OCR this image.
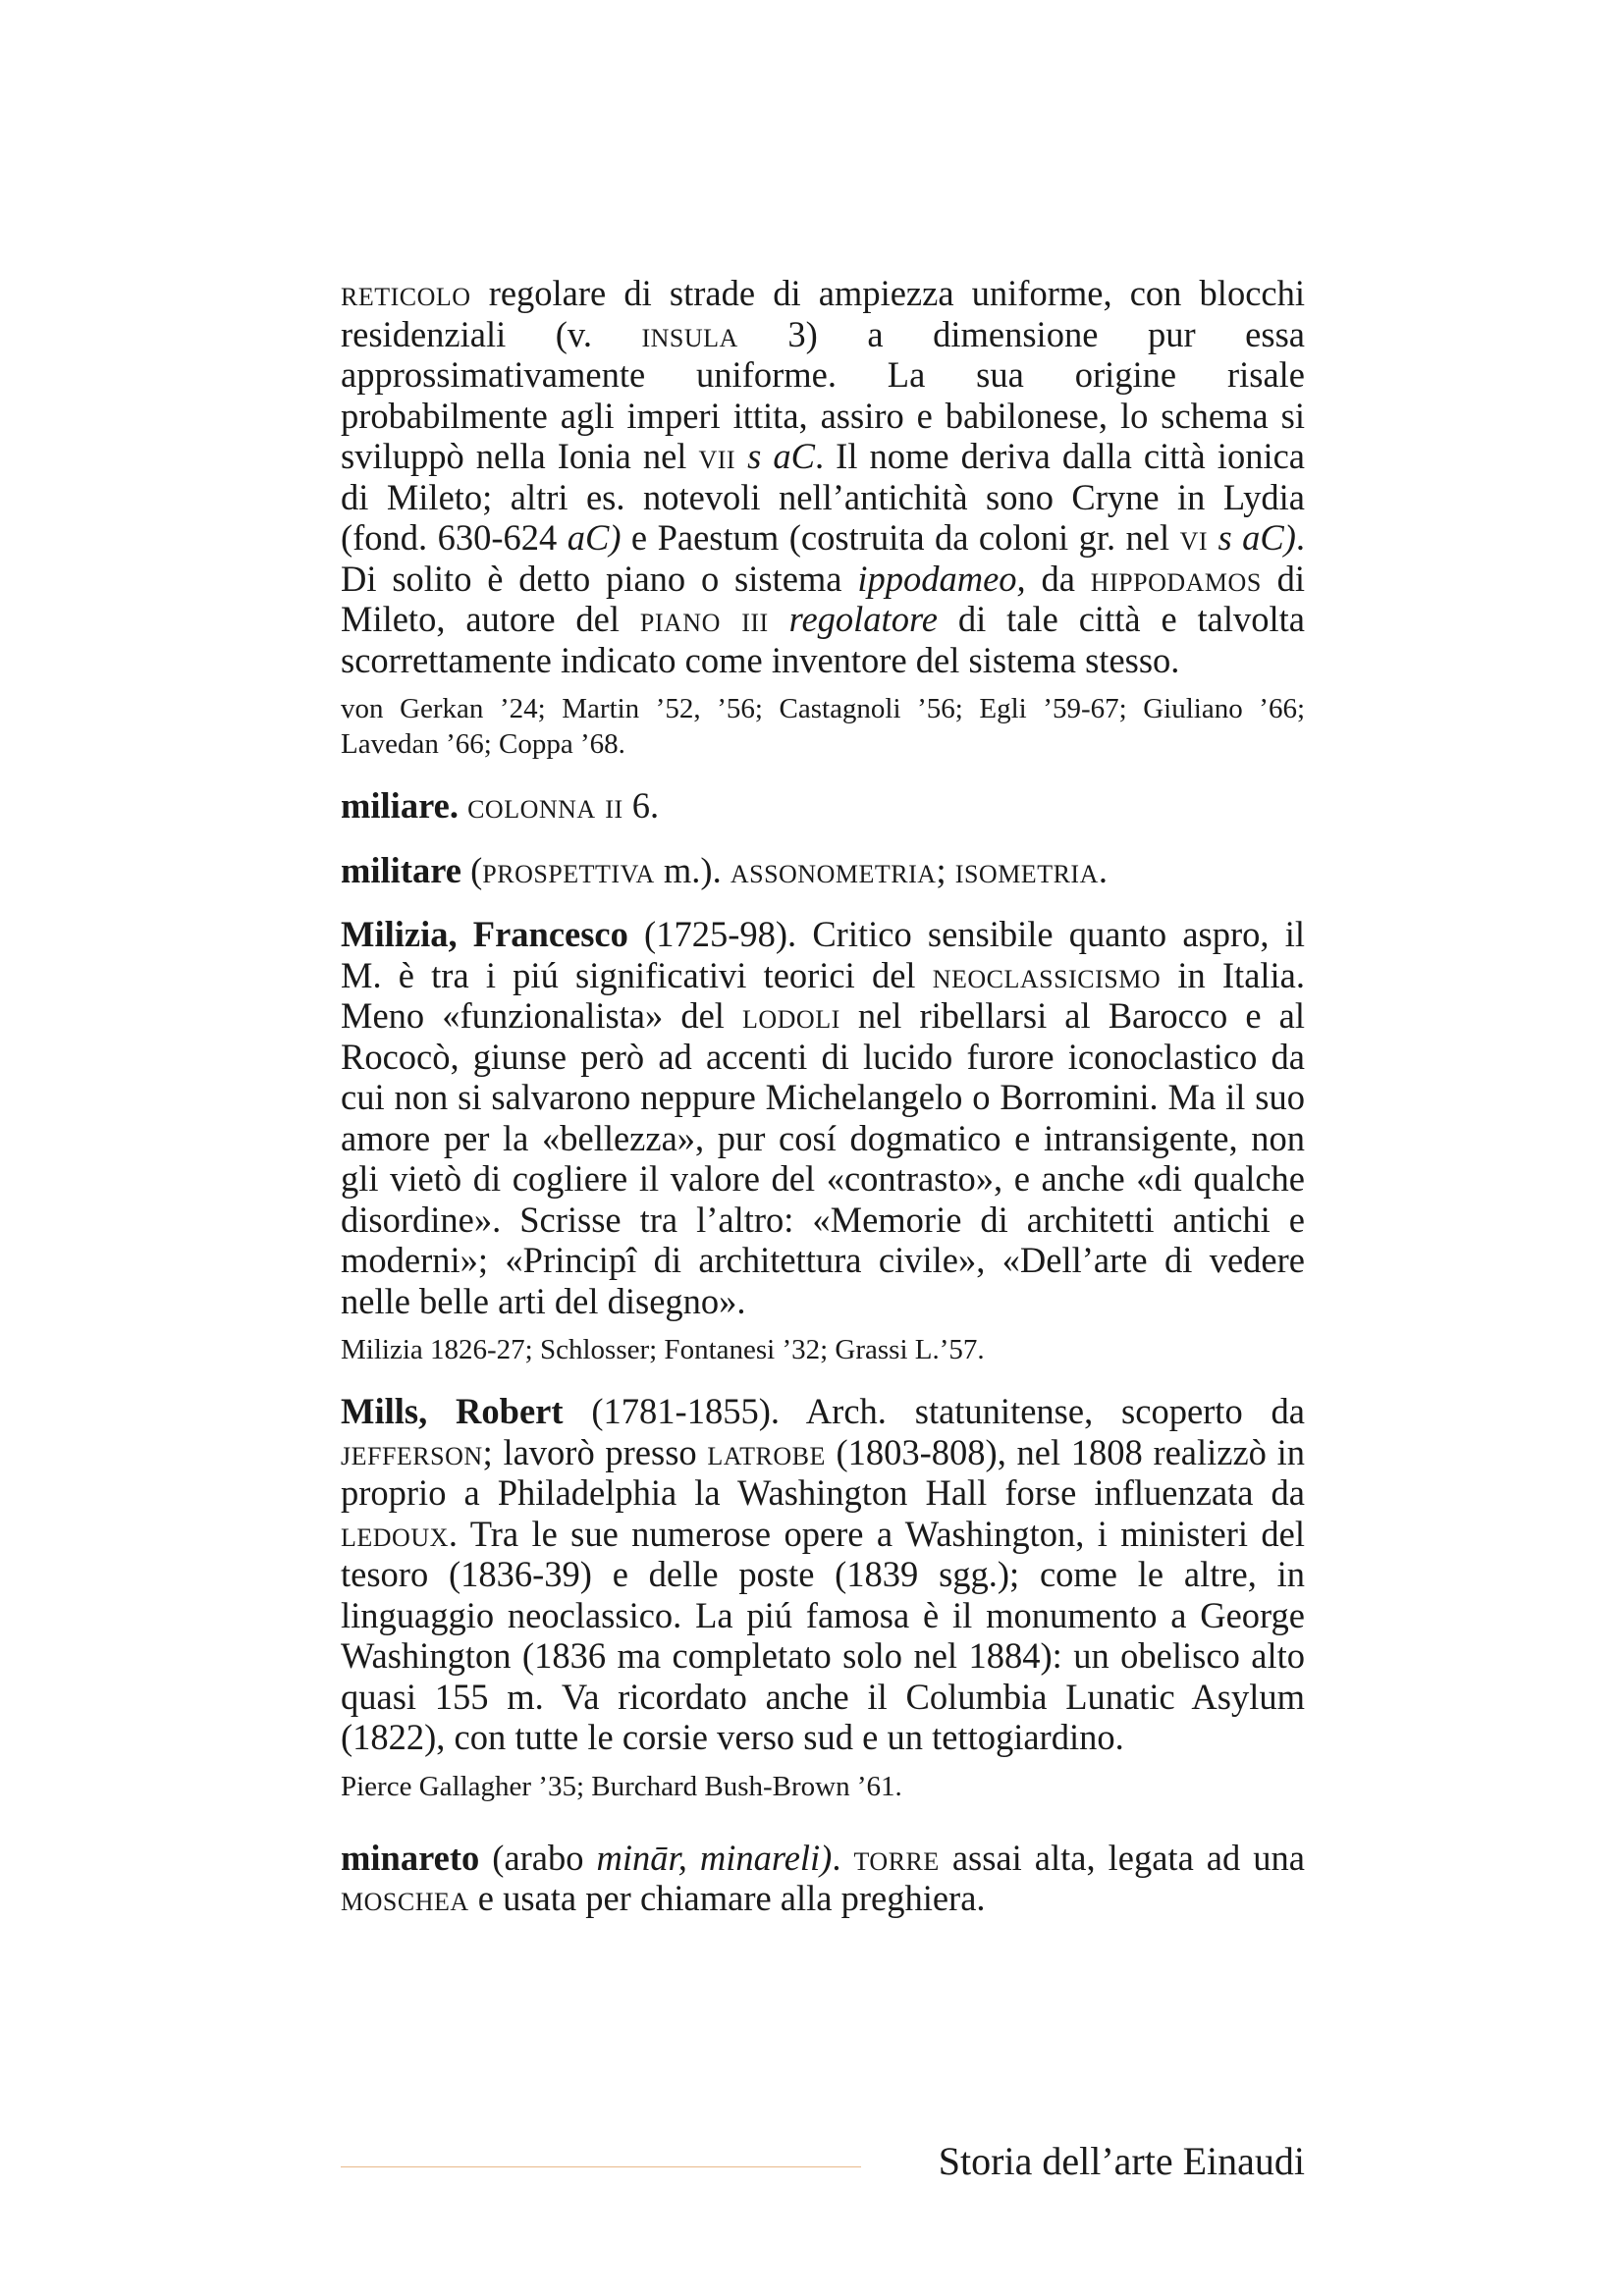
reticolo regolare di strade di ampiezza uniforme, con blocchi residenziali (v. insula 3) a dimensione pur essa approssimativamente uniforme. La sua origine risale probabilmente agli imperi ittita, assiro e babilonese, lo schema si sviluppò nella Ionia nel vii s aC. Il nome deriva dalla città ionica di Mileto; altri es. notevoli nell’antichità sono Cryne in Lydia (fond. 630-624 aC) e Paestum (costruita da coloni gr. nel vi s aC). Di solito è detto piano o sistema ippodameo, da hippodamos di Mileto, autore del piano iii regolatore di tale città e talvolta scorrettamente indicato come inventore del sistema stesso.

von Gerkan ’24; Martin ’52, ’56; Castagnoli ’56; Egli ’59-67; Giuliano ’66; Lavedan ’66; Coppa ’68.

miliare. colonna ii 6.

militare (prospettiva m.). assonometria; isometria.

Milizia, Francesco (1725-98). Critico sensibile quanto aspro, il M. è tra i piú significativi teorici del neoclassicismo in Italia. Meno «funzionalista» del lodoli nel ribellarsi al Barocco e al Rococò, giunse però ad accenti di lucido furore iconoclastico da cui non si salvarono neppure Michelangelo o Borromini. Ma il suo amore per la «bellezza», pur cosí dogmatico e intransigente, non gli vietò di cogliere il valore del «contrasto», e anche «di qualche disordine». Scrisse tra l’altro: «Memorie di architetti antichi e moderni»; «Principî di architettura civile», «Dell’arte di vedere nelle belle arti del disegno».

Milizia 1826-27; Schlosser; Fontanesi ’32; Grassi L.’57.

Mills, Robert (1781-1855). Arch. statunitense, scoperto da jefferson; lavorò presso latrobe (1803-808), nel 1808 realizzò in proprio a Philadelphia la Washington Hall forse influenzata da ledoux. Tra le sue numerose opere a Washington, i ministeri del tesoro (1836-39) e delle poste (1839 sgg.); come le altre, in linguaggio neoclassico. La piú famosa è il monumento a George Washington (1836 ma completato solo nel 1884): un obelisco alto quasi 155 m. Va ricordato anche il Columbia Lunatic Asylum (1822), con tutte le corsie verso sud e un tettogiardino.

Pierce Gallagher ’35; Burchard Bush-Brown ’61.

minareto (arabo minār, minareli). torre assai alta, legata ad una moschea e usata per chiamare alla preghiera.

Storia dell’arte Einaudi
